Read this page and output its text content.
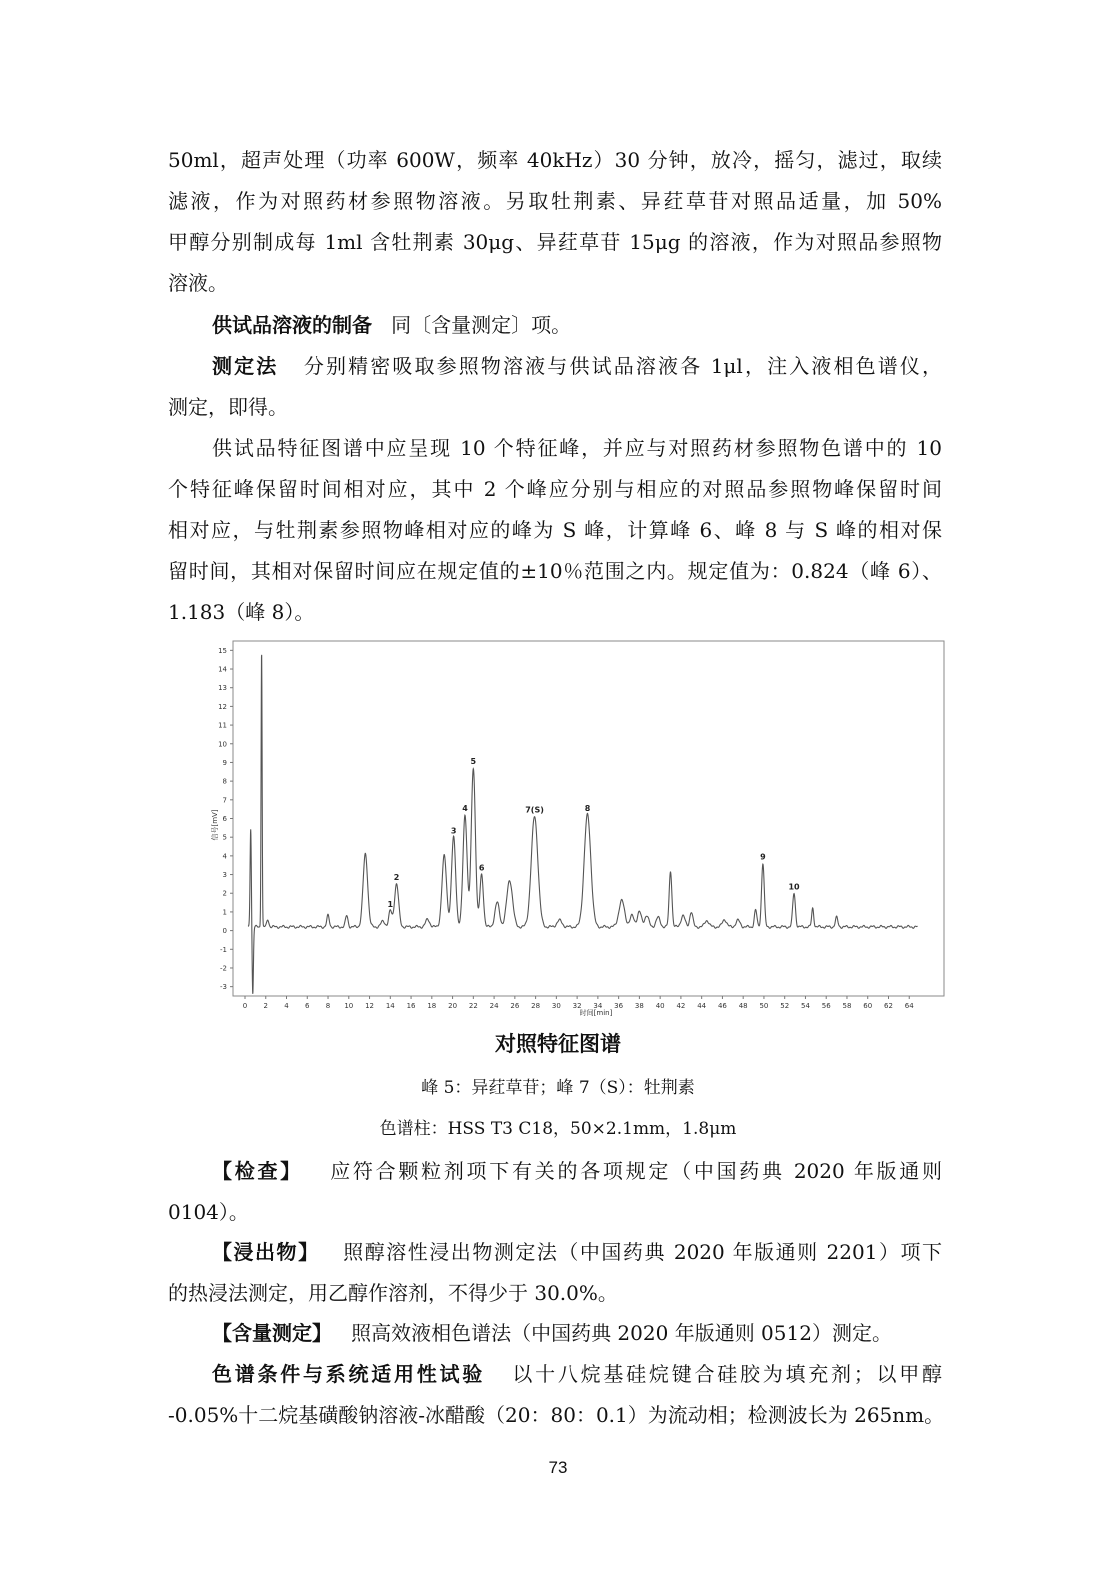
50ml，超声处理（功率 600W，频率 40kHz）30 分钟，放冷，摇匀，滤过，取续
滤液，作为对照药材参照物溶液。另取牡荆素、异荭草苷对照品适量，加 50%
甲醇分别制成每 1ml 含牡荆素 30μg、异荭草苷 15μg 的溶液，作为对照品参照物
溶液。
供试品溶液的制备 同〔含量测定〕项。
测定法 分别精密吸取参照物溶液与供试品溶液各 1μl，注入液相色谱仪，
测定，即得。
供试品特征图谱中应呈现 10 个特征峰，并应与对照药材参照物色谱中的 10
个特征峰保留时间相对应，其中 2 个峰应分别与相应的对照品参照物峰保留时间
相对应，与牡荆素参照物峰相对应的峰为 S 峰，计算峰 6、峰 8 与 S 峰的相对保
留时间，其相对保留时间应在规定值的±10％范围之内。规定值为：0.824（峰 6）、
1.183（峰 8）。
-3
-2
-1
0
1
2
3
4
5
6
7
8
9
10
11
12
13
14
15
0 2 4 6 8 10 12 14 16 18 20 22 24 26 28 30 32 34 36 38 40 42 44 46 48 50 52 54 56 58 60 62 64
1
2
3
4
5
6
7(S)	8
9
10
信号[mV]
时间[min]
对照特征图谱
峰 5：异荭草苷；峰 7（S）：牡荆素
色谱柱：HSS T3 C18，50×2.1mm，1.8μm
【检查】 应符合颗粒剂项下有关的各项规定（中国药典 2020 年版通则
0104）。
【浸出物】 照醇溶性浸出物测定法（中国药典 2020 年版通则 2201）项下
的热浸法测定，用乙醇作溶剂，不得少于 30.0%。
【含量测定】 照高效液相色谱法（中国药典 2020 年版通则 0512）测定。
色谱条件与系统适用性试验 以十八烷基硅烷键合硅胶为填充剂；以甲醇
-0.05%十二烷基磺酸钠溶液-冰醋酸（20：80：0.1）为流动相；检测波长为 265nm。
73
